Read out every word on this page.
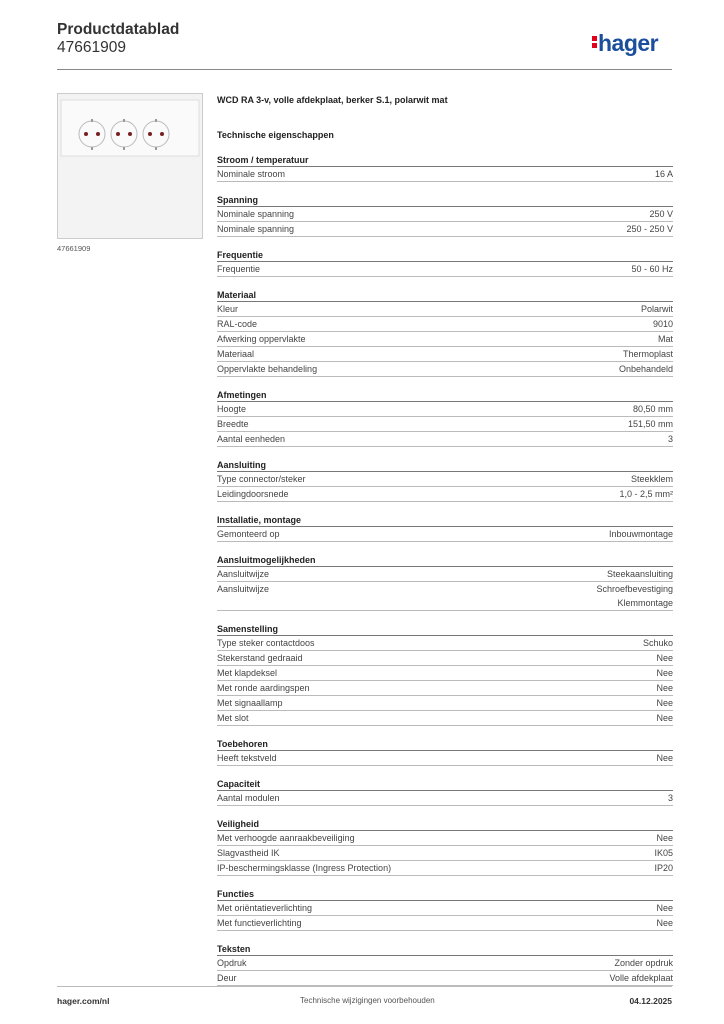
Productdatablad
47661909	hager
47661909
WCD RA 3-v, volle afdekplaat, berker S.1, polarwit mat
Technische eigenschappen
Stroom / temperatuur
Nominale stroom	16 A
Spanning
Nominale spanning	250 V
Nominale spanning	250 - 250 V
Frequentie
Frequentie	50 - 60 Hz
Materiaal
Kleur	Polarwit
RAL-code	9010
Afwerking oppervlakte	Mat
Materiaal	Thermoplast
Oppervlakte behandeling	Onbehandeld
Afmetingen
Hoogte	80,50 mm
Breedte	151,50 mm
Aantal eenheden	3
Aansluiting
Type connector/steker	Steekklem
Leidingdoorsnede	1,0 - 2,5 mm²
Installatie, montage
Gemonteerd op	Inbouwmontage
Aansluitmogelijkheden
Aansluitwijze	Steekaansluiting
Aansluitwijze	Schroefbevestiging
Klemmontage
Samenstelling
Type steker contactdoos	Schuko
Stekerstand gedraaid	Nee
Met klapdeksel	Nee
Met ronde aardingspen	Nee
Met signaallamp	Nee
Met slot	Nee
Toebehoren
Heeft tekstveld	Nee
Capaciteit
Aantal modulen	3
Veiligheid
Met verhoogde aanraakbeveiliging	Nee
Slagvastheid IK	IK05
IP-beschermingsklasse (Ingress Protection)	IP20
Functies
Met oriëntatieverlichting	Nee
Met functieverlichting	Nee
Teksten
Opdruk	Zonder opdruk
Deur	Volle afdekplaat
hager.com/nl	Technische wijzigingen voorbehouden	04.12.2025
